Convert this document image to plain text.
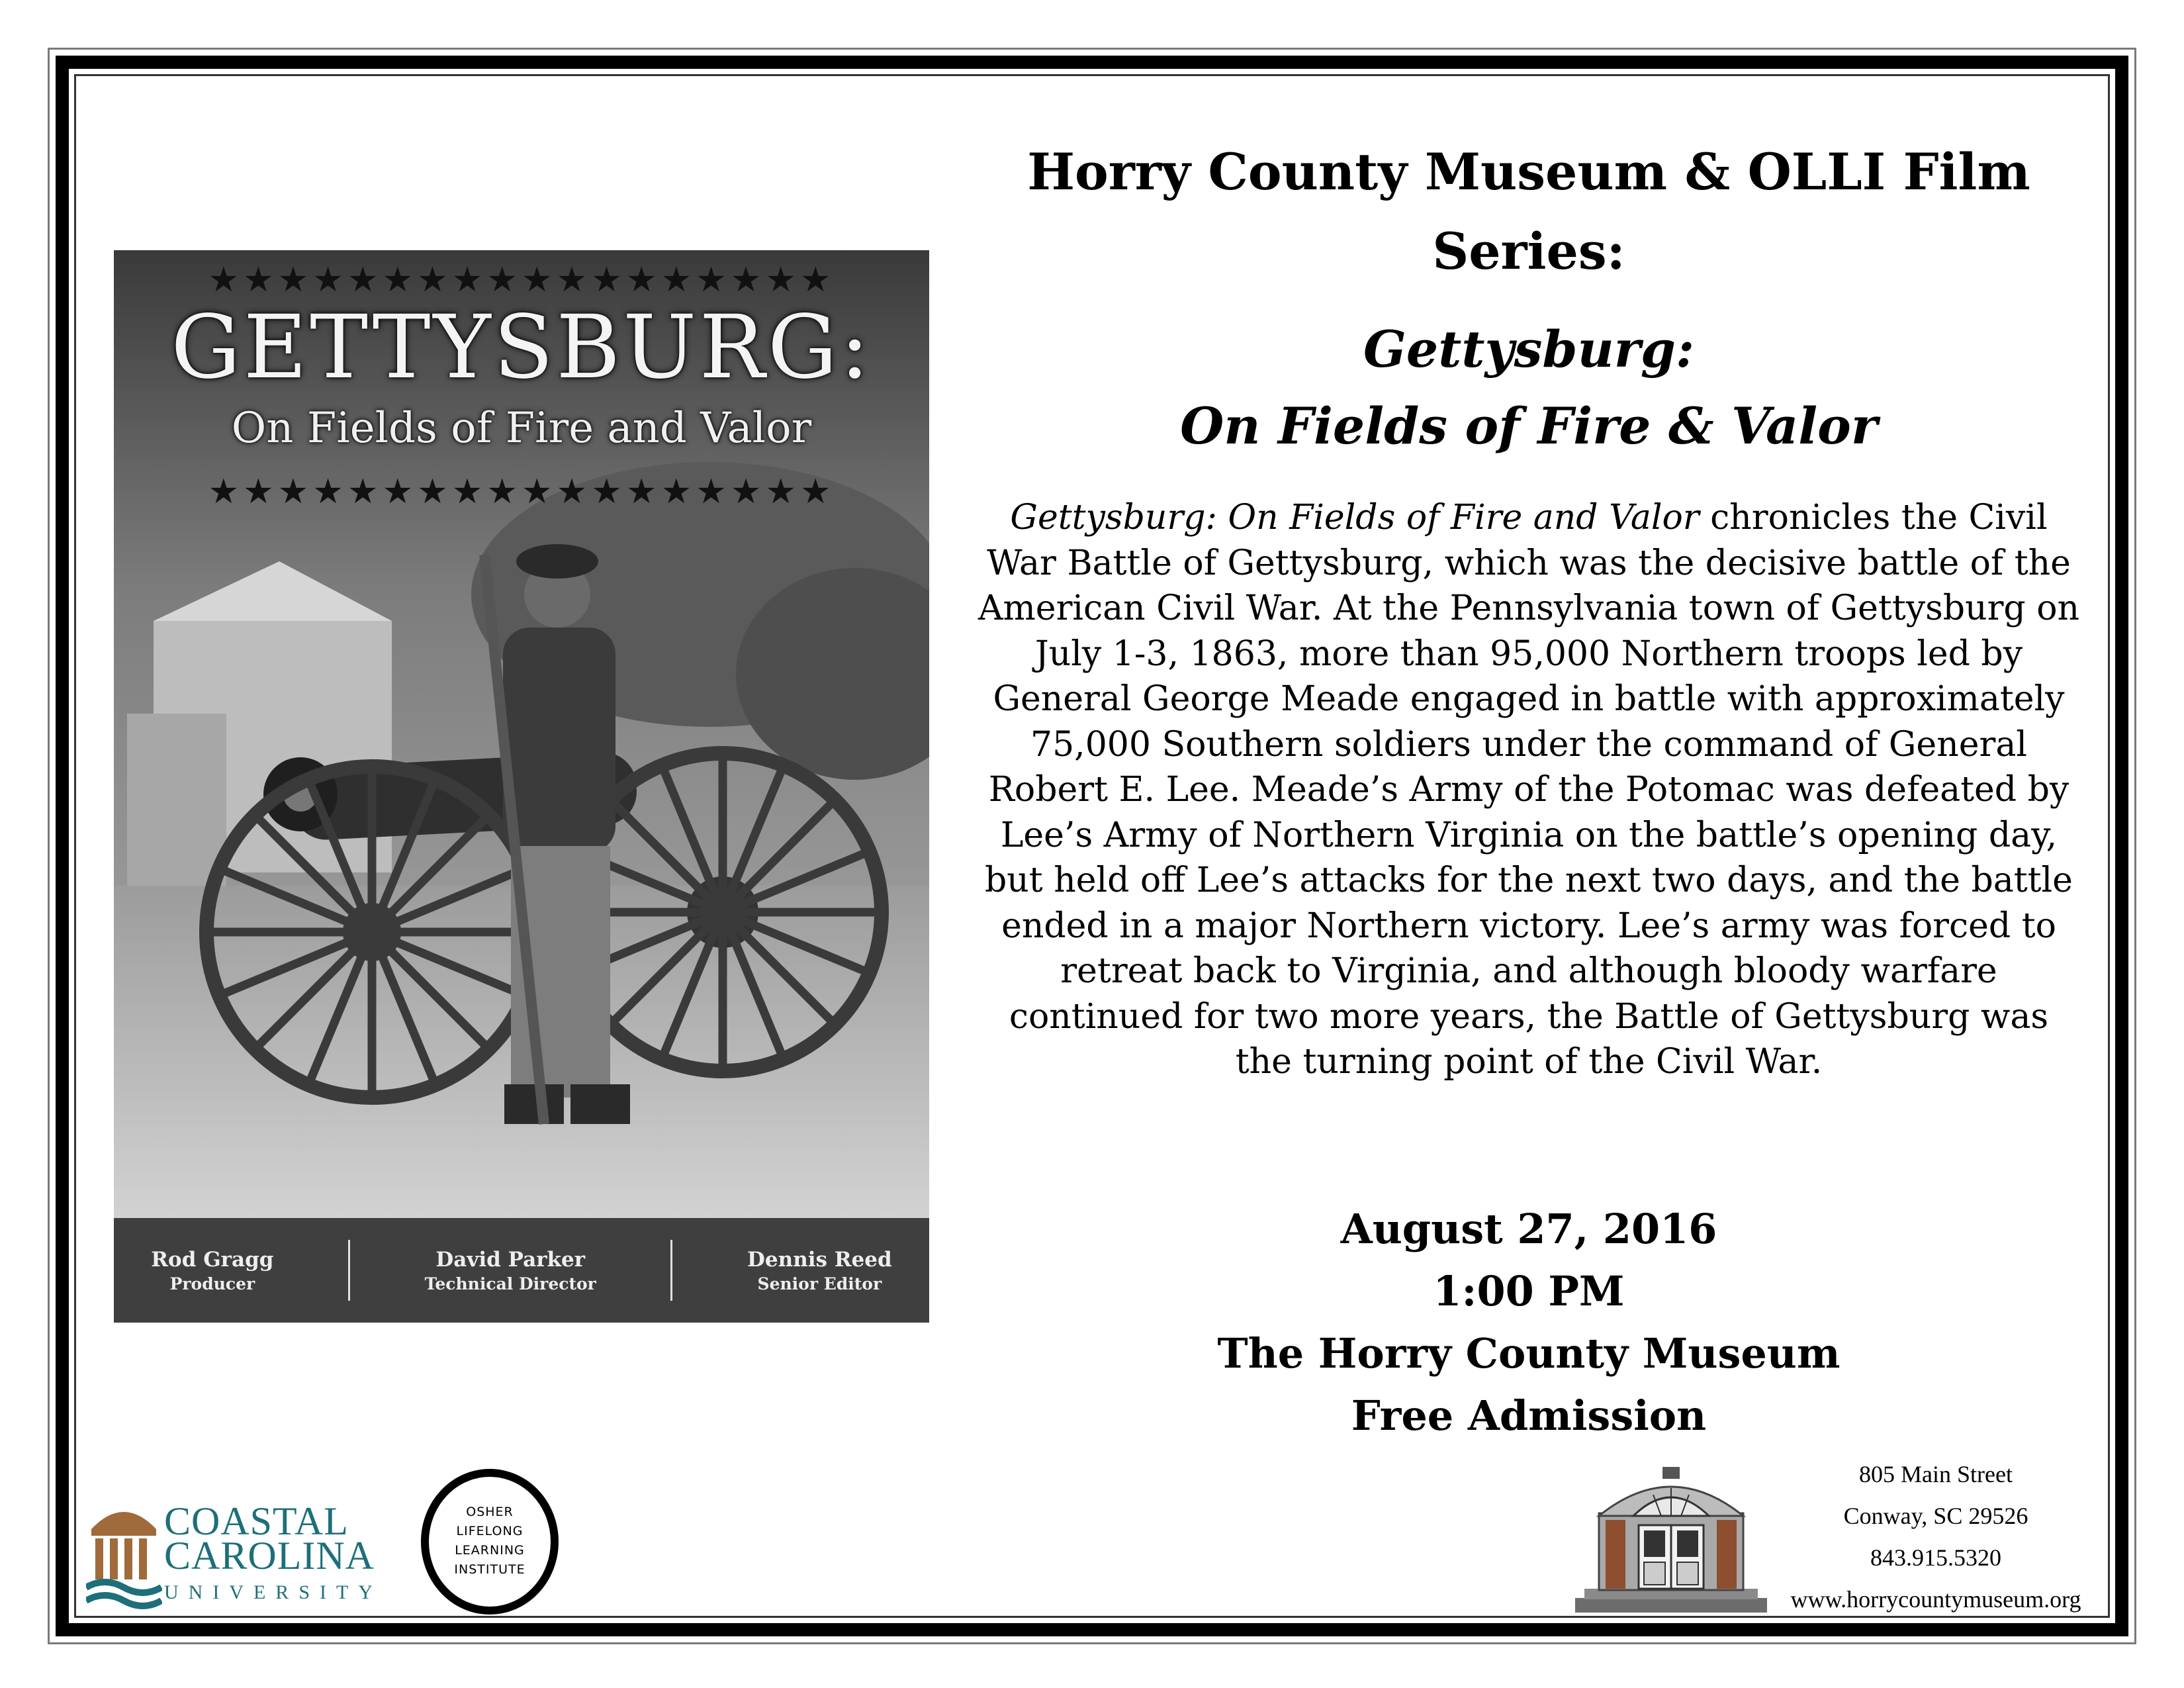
★★★★★★★★★★★★★★★★★★
★★★★★★★★★★★★★★★★★★
GETTYSBURG:
On Fields of Fire and Valor
Rod Gragg
Producer
David Parker
Technical Director
Dennis Reed
Senior Editor
Horry County Museum & OLLI Film
Series:
Gettysburg:
On Fields of Fire & Valor
Gettysburg: On Fields of Fire and Valor chronicles the Civil War Battle of Gettysburg, which was the decisive battle of the American Civil War. At the Pennsylvania town of Gettysburg on July 1-3, 1863, more than 95,000 Northern troops led by General George Meade engaged in battle with approximately 75,000 Southern soldiers under the command of General Robert E. Lee. Meade’s Army of the Potomac was defeated by Lee’s Army of Northern Virginia on the battle’s opening day, but held off Lee’s attacks for the next two days, and the battle ended in a major Northern victory. Lee’s army was forced to retreat back to Virginia, and although bloody warfare continued for two more years, the Battle of Gettysburg was the turning point of the Civil War.
August 27, 2016
1:00 PM
The Horry County Museum
Free Admission
805 Main Street
Conway, SC 29526
843.915.5320
www.horrycountymuseum.org
COASTAL
CAROLINA
UNIVERSITY
OSHER
LIFELONG
LEARNING
INSTITUTE
